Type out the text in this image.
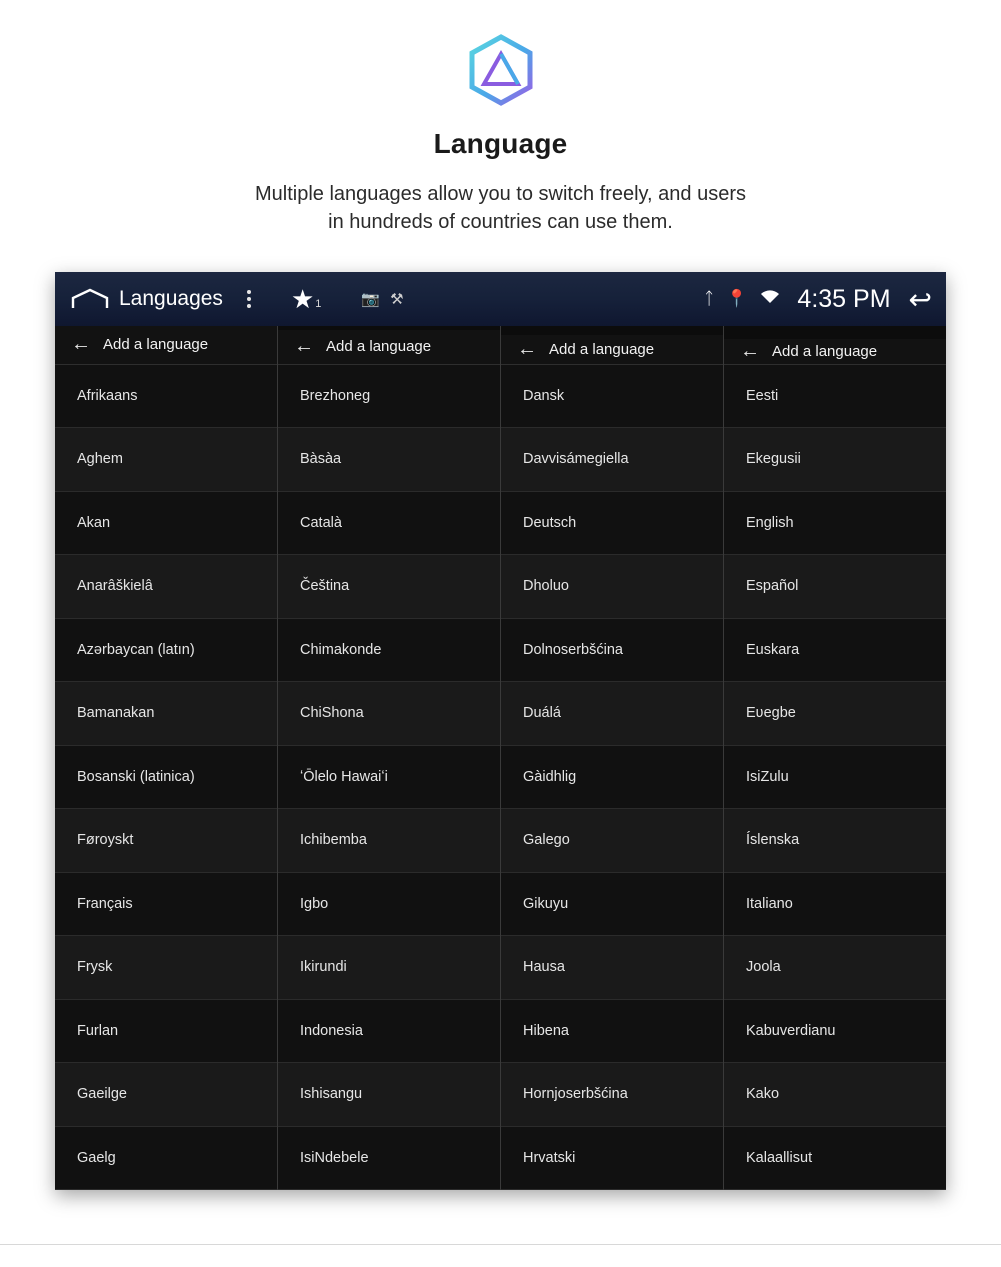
Language
Multiple languages allow you to switch freely, and users
in hundreds of countries can use them.
Languages	★ 1	📷 ⚒	ᛏ 📍 4:35 PM ↩
← Add a language
Afrikaans
Aghem
Akan
Anarâškielâ
Azərbaycan (latın)
Bamanakan
Bosanski (latinica)
Føroyskt
Français
Frysk
Furlan
Gaeilge
Gaelg
← Add a language
Brezhoneg
Bàsàa
Català
Čeština
Chimakonde
ChiShona
ʻŌlelo Hawaiʻi
Ichibemba
Igbo
Ikirundi
Indonesia
Ishisangu
IsiNdebele
← Add a language
Dansk
Davvisámegiella
Deutsch
Dholuo
Dolnoserbšćina
Duálá
Gàidhlig
Galego
Gikuyu
Hausa
Hibena
Hornjoserbšćina
Hrvatski
← Add a language
Eesti
Ekegusii
English
Español
Euskara
Eʋegbe
IsiZulu
Íslenska
Italiano
Joola
Kabuverdianu
Kako
Kalaallisut
